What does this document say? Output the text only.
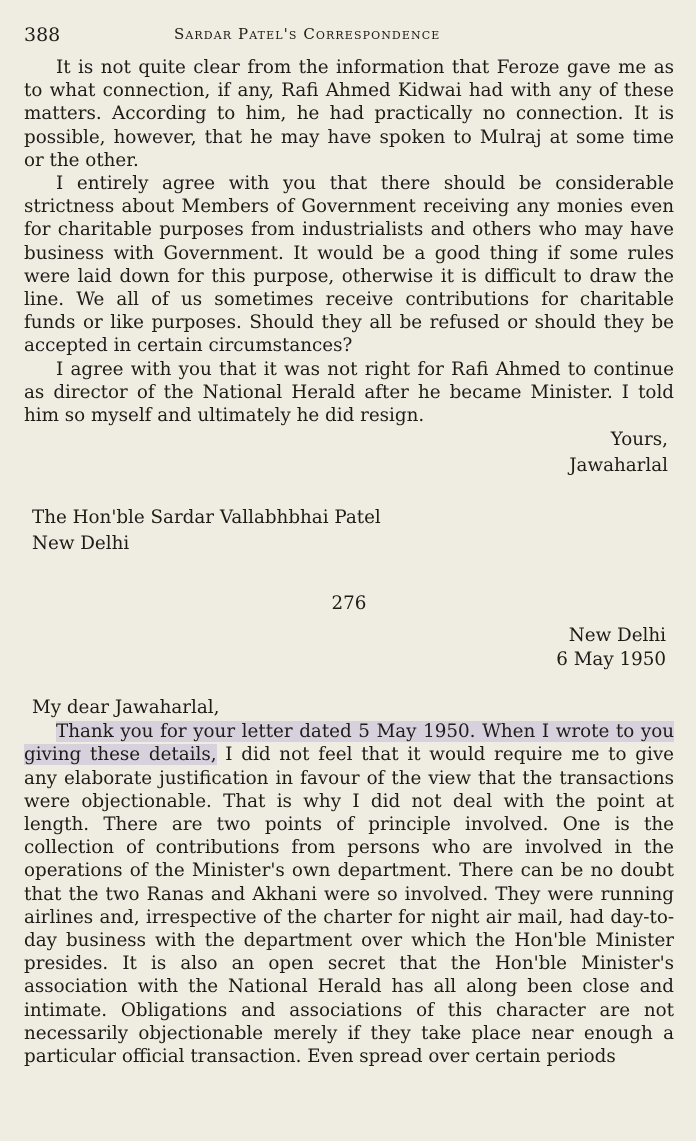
388	Sardar Patel's Correspondence

It is not quite clear from the information that Feroze gave me as to what connection, if any, Rafi Ahmed Kidwai had with any of these matters. According to him, he had practically no connection. It is possible, however, that he may have spoken to Mulraj at some time or the other.

I entirely agree with you that there should be considerable strictness about Members of Government receiving any monies even for charitable purposes from industrialists and others who may have business with Government. It would be a good thing if some rules were laid down for this purpose, otherwise it is difficult to draw the line. We all of us sometimes receive contributions for charitable funds or like purposes. Should they all be refused or should they be accepted in certain circumstances?

I agree with you that it was not right for Rafi Ahmed to continue as director of the National Herald after he became Minister. I told him so myself and ultimately he did resign.

Yours,
Jawaharlal
The Hon'ble Sardar Vallabhbhai Patel
New Delhi
276
New Delhi
6 May 1950
My dear Jawaharlal,

Thank you for your letter dated 5 May 1950. When I wrote to you giving these details, I did not feel that it would require me to give any elaborate justification in favour of the view that the transactions were objectionable. That is why I did not deal with the point at length. There are two points of principle involved. One is the collection of contributions from persons who are involved in the operations of the Minister's own department. There can be no doubt that the two Ranas and Akhani were so involved. They were running airlines and, irrespective of the charter for night air mail, had day-to-day business with the department over which the Hon'ble Minister presides. It is also an open secret that the Hon'ble Minister's association with the National Herald has all along been close and intimate. Obligations and associations of this character are not necessarily objectionable merely if they take place near enough a particular official transaction. Even spread over certain periods
